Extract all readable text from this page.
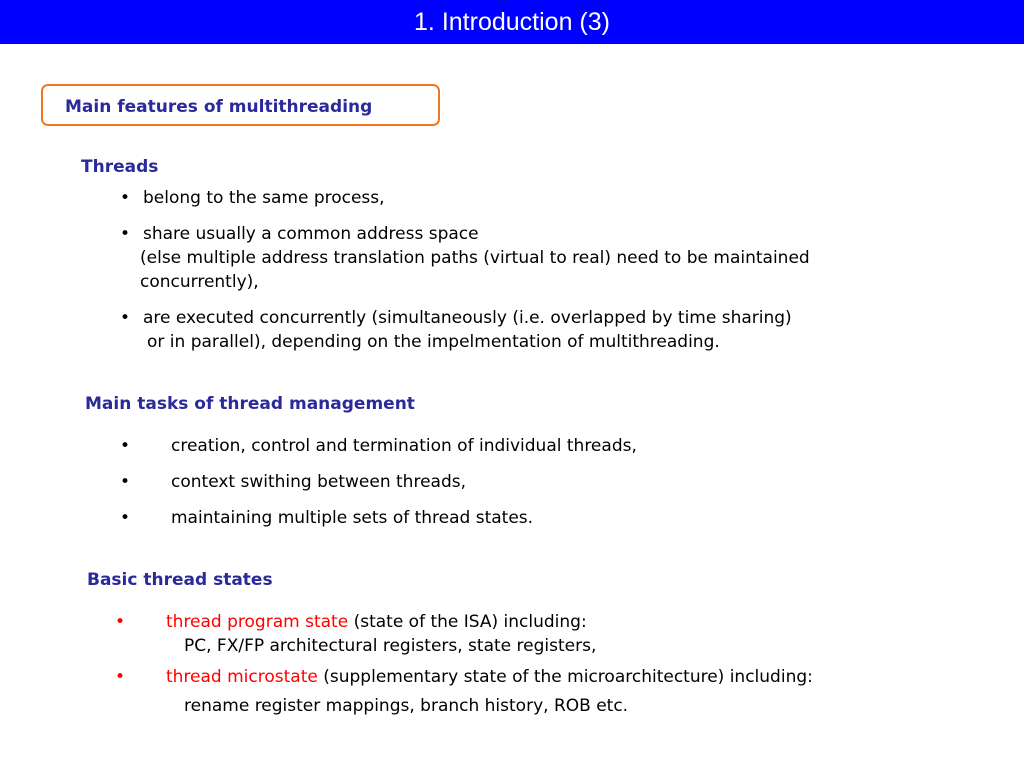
1. Introduction (3)
Main features of multithreading
Threads
• belong to the same process,
• share usually a common address space
(else multiple address translation paths (virtual to real) need to be maintained
concurrently),
• are executed concurrently (simultaneously (i.e. overlapped by time sharing)
or in parallel), depending on the impelmentation of multithreading.
Main tasks of thread management
• creation, control and termination of individual threads,
• context swithing between threads,
• maintaining multiple sets of thread states.
Basic thread states
• thread program state (state of the ISA) including:
PC, FX/FP architectural registers, state registers,
• thread microstate (supplementary state of the microarchitecture) including:
rename register mappings, branch history, ROB etc.
